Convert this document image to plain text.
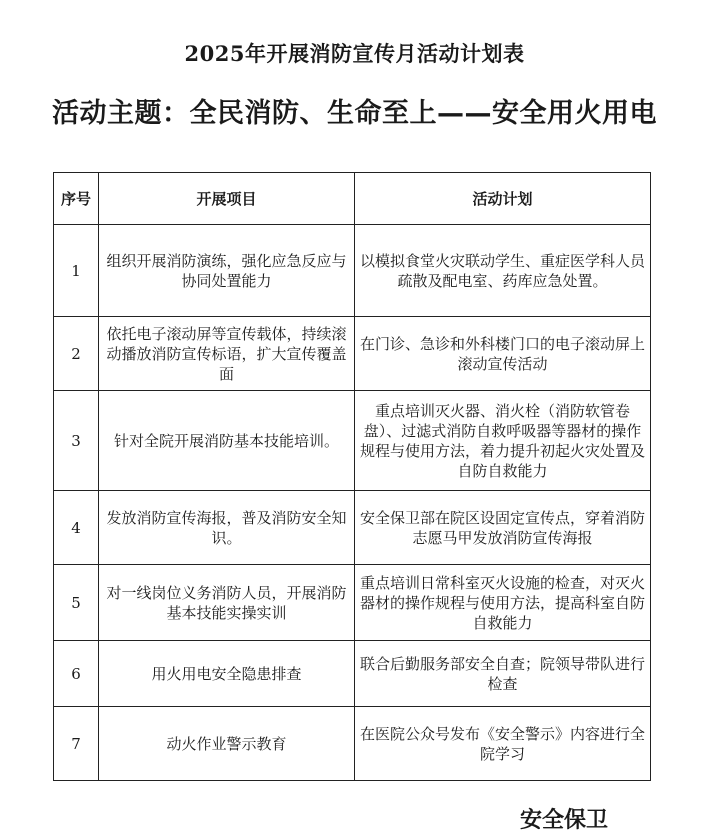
2025年开展消防宣传月活动计划表
活动主题：全民消防、生命至上——安全用火用电
序号	开展项目	活动计划
1	组织开展消防演练，强化应急反应与协同处置能力	以模拟食堂火灾联动学生、重症医学科人员疏散及配电室、药库应急处置。
2	依托电子滚动屏等宣传载体，持续滚动播放消防宣传标语，扩大宣传覆盖面	在门诊、急诊和外科楼门口的电子滚动屏上滚动宣传活动
3	针对全院开展消防基本技能培训。	重点培训灭火器、消火栓（消防软管卷盘）、过滤式消防自救呼吸器等器材的操作规程与使用方法，着力提升初起火灾处置及自防自救能力
4	发放消防宣传海报，普及消防安全知识。	安全保卫部在院区设固定宣传点，穿着消防志愿马甲发放消防宣传海报
5	对一线岗位义务消防人员，开展消防基本技能实操实训	重点培训日常科室灭火设施的检查，对灭火器材的操作规程与使用方法，提高科室自防自救能力
6	用火用电安全隐患排查	联合后勤服务部安全自查；院领导带队进行检查
7	动火作业警示教育	在医院公众号发布《安全警示》内容进行全院学习
安全保卫
